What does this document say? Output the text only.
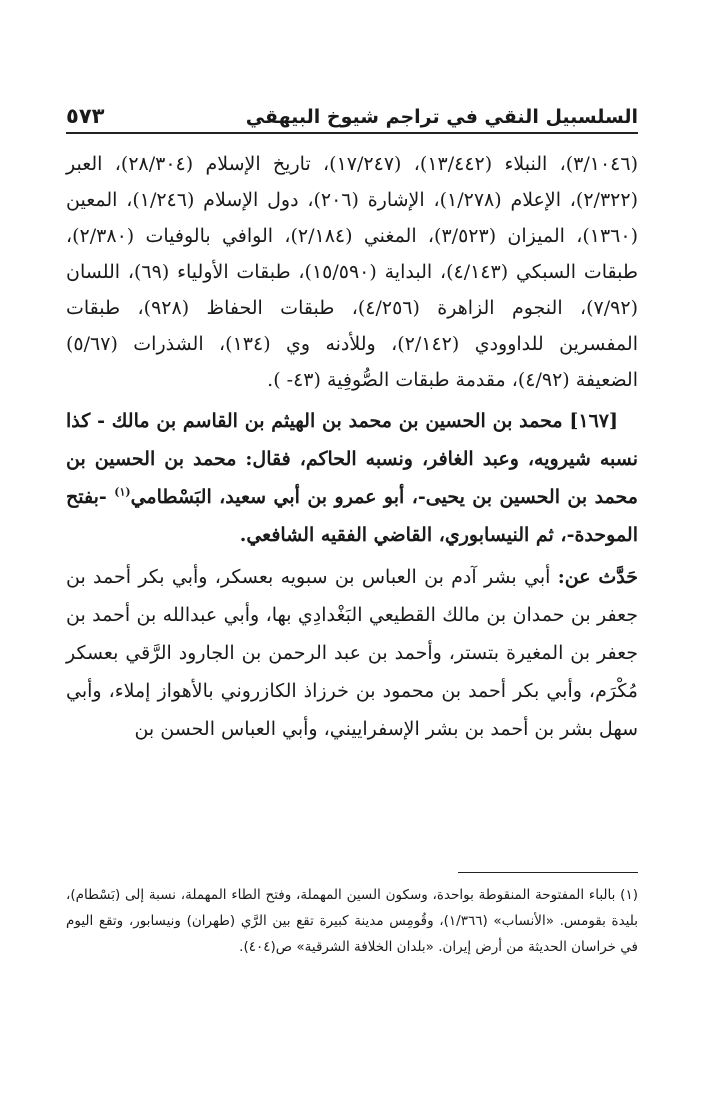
السلسبيل النقي في تراجم شيوخ البيهقي
٥٧٣

(٣/١٠٤٦)، النبلاء (١٣/٤٤٢)، (١٧/٢٤٧)، تاريخ الإسلام (٢٨/٣٠٤)، العبر (٢/٣٢٢)، الإعلام (١/٢٧٨)، الإشارة (٢٠٦)، دول الإسلام (١/٢٤٦)، المعين (١٣٦٠)، الميزان (٣/٥٢٣)، المغني (٢/١٨٤)، الوافي بالوفيات (٢/٣٨٠)، طبقات السبكي (٤/١٤٣)، البداية (١٥/٥٩٠)، طبقات الأولياء (٦٩)، اللسان (٧/٩٢)، النجوم الزاهرة (٤/٢٥٦)، طبقات الحفاظ (٩٢٨)، طبقات المفسرين للداوودي (٢/١٤٢)، وللأدنه وي (١٣٤)، الشذرات (٥/٦٧) الضعيفة (٤/٩٢)، مقدمة طبقات الصُّوفِية (٤٣- ).

[١٦٧] محمد بن الحسين بن محمد بن الهيثم بن القاسم بن مالك - كذا نسبه شيرويه، وعبد الغافر، ونسبه الحاكم، فقال: محمد بن الحسين بن محمد بن الحسين بن يحيى-، أبو عمرو بن أبي سعيد، البَسْطامي$^{(١)}$ -بفتح الموحدة-، ثم النيسابوري، القاضي الفقيه الشافعي.

حَدَّث عن: أبي بشر آدم بن العباس بن سبويه بعسكر، وأبي بكر أحمد بن جعفر بن حمدان بن مالك القطيعي البَغْدادِي بها، وأبي عبدالله بن أحمد بن جعفر بن المغيرة بتستر، وأحمد بن عبد الرحمن بن الجارود الرَّقي بعسكر مُكْرَم، وأبي بكر أحمد بن محمود بن خرزاذ الكازروني بالأهواز إملاء، وأبي سهل بشر بن أحمد بن بشر الإسفراييني، وأبي العباس الحسن بن

(١) بالباء المفتوحة المنقوطة بواحدة، وسكون السين المهملة، وفتح الطاء المهملة، نسبة إلى (بَسْطام)، بليدة بقومس. «الأنساب» (١/٣٦٦)، وقُومِس مدينة كبيرة تقع بين الرَّي (طهران) ونيسابور، وتقع اليوم في خراسان الحديثة من أرض إيران. «بلدان الخلافة الشرقية» ص(٤٠٤).
